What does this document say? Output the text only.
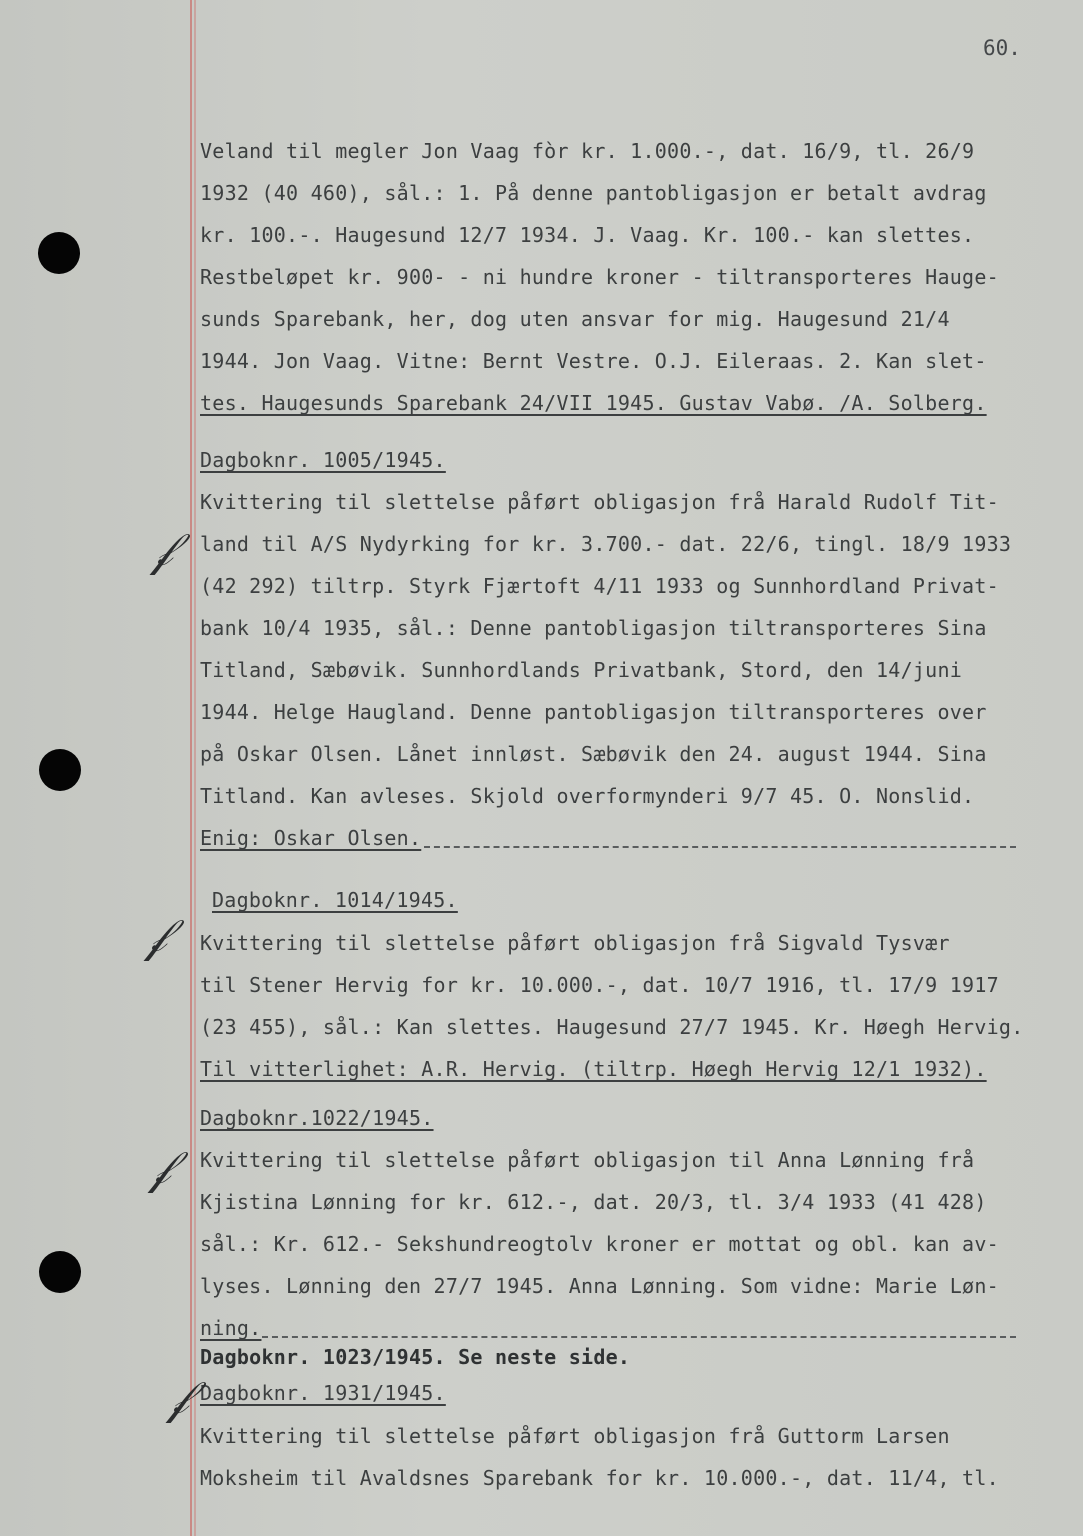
60.
Veland til megler Jon Vaag fòr kr. 1.000.-, dat. 16/9, tl. 26/9
1932 (40 460), sål.: 1. På denne pantobligasjon er betalt avdrag
kr. 100.-. Haugesund 12/7 1934. J. Vaag. Kr. 100.- kan slettes.
Restbeløpet kr. 900- - ni hundre kroner - tiltransporteres Hauge-
sunds Sparebank, her, dog uten ansvar for mig. Haugesund 21/4
1944. Jon Vaag. Vitne: Bernt Vestre. O.J. Eileraas. 2. Kan slet-
tes. Haugesunds Sparebank 24/VII 1945. Gustav Vabø. /A. Solberg.
Dagboknr. 1005/1945.
Kvittering til slettelse påført obligasjon frå Harald Rudolf Tit-
land til A/S Nydyrking for kr. 3.700.- dat. 22/6, tingl. 18/9 1933
(42 292) tiltrp. Styrk Fjærtoft 4/11 1933 og Sunnhordland Privat-
bank 10/4 1935, sål.: Denne pantobligasjon tiltransporteres Sina
Titland, Sæbøvik. Sunnhordlands Privatbank, Stord, den 14/juni
1944. Helge Haugland. Denne pantobligasjon tiltransporteres over
på Oskar Olsen. Lånet innløst. Sæbøvik den 24. august 1944. Sina
Titland. Kan avleses. Skjold overformynderi 9/7 45. O. Nonslid.
Enig: Oskar Olsen.
Dagboknr. 1014/1945.
Kvittering til slettelse påført obligasjon frå Sigvald Tysvær
til Stener Hervig for kr. 10.000.-, dat. 10/7 1916, tl. 17/9 1917
(23 455), sål.: Kan slettes. Haugesund 27/7 1945. Kr. Høegh Hervig.
Til vitterlighet: A.R. Hervig. (tiltrp. Høegh Hervig 12/1 1932).
Dagboknr.1022/1945.
Kvittering til slettelse påført obligasjon til Anna Lønning frå
Kjistina Lønning for kr. 612.-, dat. 20/3, tl. 3/4 1933 (41 428)
sål.: Kr. 612.- Sekshundreogtolv kroner er mottat og obl. kan av-
lyses. Lønning den 27/7 1945. Anna Lønning. Som vidne: Marie Løn-
ning.
Dagboknr. 1023/1945. Se neste side.
Dagboknr. 1931/1945.
Kvittering til slettelse påført obligasjon frå Guttorm Larsen
Moksheim til Avaldsnes Sparebank for kr. 10.000.-, dat. 11/4, tl.
𝒻
𝒻
𝒻
𝒻
